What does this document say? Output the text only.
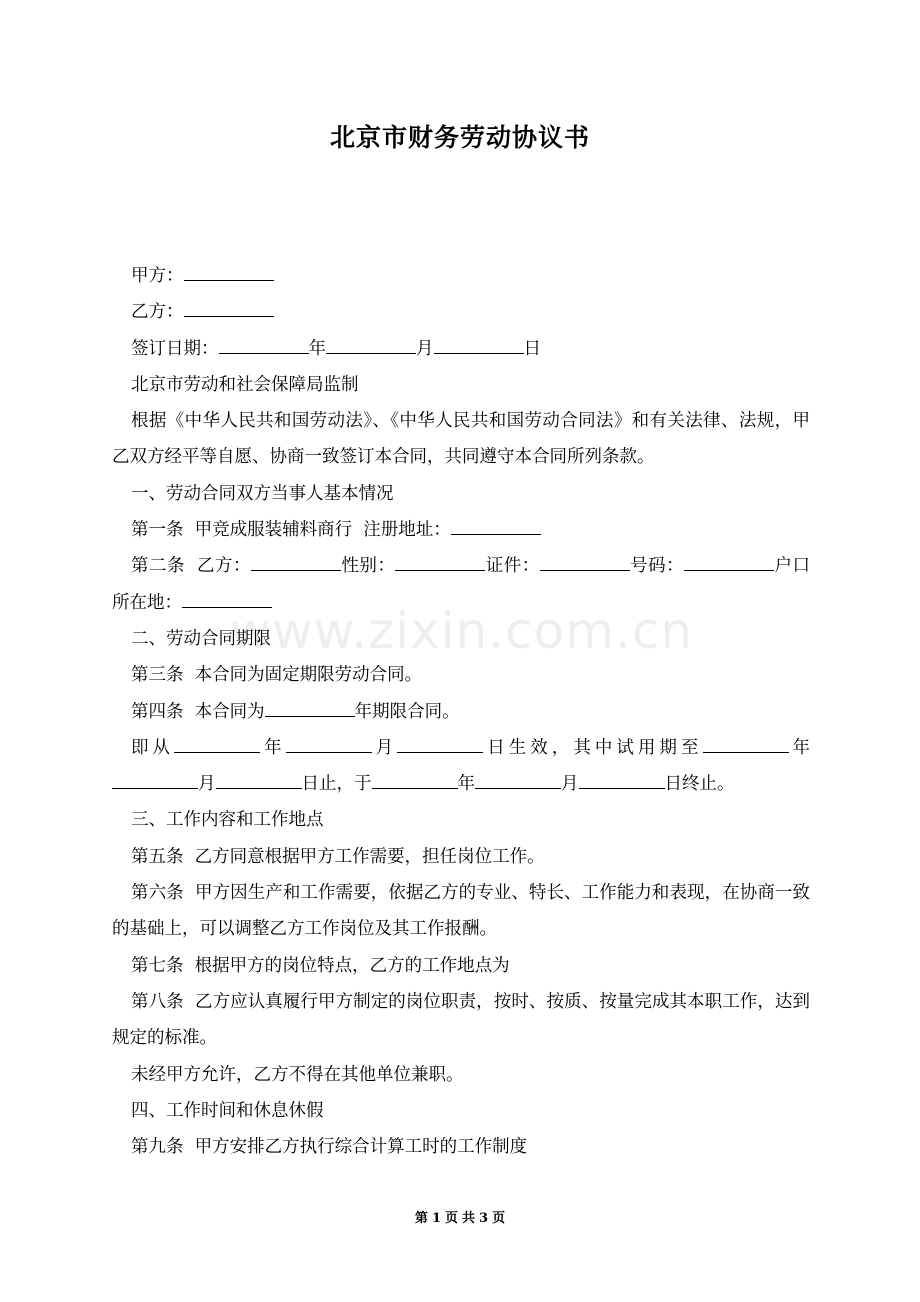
北京市财务劳动协议书
www.zixin.com.cn

甲方：

乙方：

签订日期：	年	月	日

北京市劳动和社会保障局监制

根据《中华人民共和国劳动法》、《中华人民共和国劳动合同法》和有关法律、法规，甲乙双方经平等自愿、协商一致签订本合同，共同遵守本合同所列条款。

一、劳动合同双方当事人基本情况

第一条  甲竞成服装辅料商行  注册地址：

第二条  乙方：	性别：	证件：	号码：	户口所在地：

二、劳动合同期限

第三条  本合同为固定期限劳动合同。

第四条  本合同为	年期限合同。

即从	年	月	日生效，其中试用期至	年月	日止，于	年	月	日终止。

三、工作内容和工作地点

第五条  乙方同意根据甲方工作需要，担任岗位工作。

第六条  甲方因生产和工作需要，依据乙方的专业、特长、工作能力和表现，在协商一致的基础上，可以调整乙方工作岗位及其工作报酬。

第七条  根据甲方的岗位特点，乙方的工作地点为

第八条  乙方应认真履行甲方制定的岗位职责，按时、按质、按量完成其本职工作，达到规定的标准。

未经甲方允许，乙方不得在其他单位兼职。

四、工作时间和休息休假

第九条  甲方安排乙方执行综合计算工时的工作制度

第 1 页 共 3 页
